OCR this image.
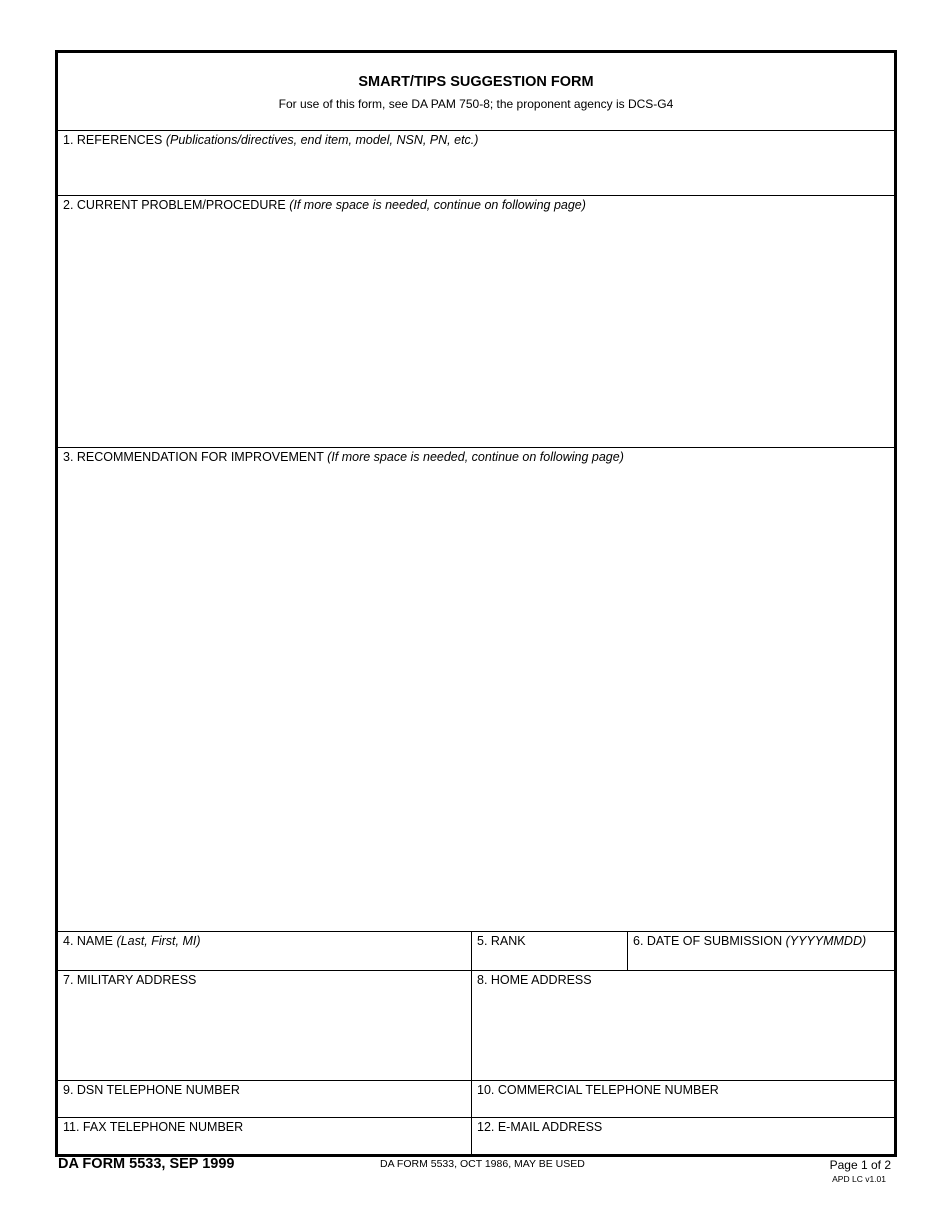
SMART/TIPS SUGGESTION FORM
For use of this form, see DA PAM 750-8; the proponent agency is DCS-G4
1. REFERENCES (Publications/directives, end item, model, NSN, PN, etc.)
2. CURRENT PROBLEM/PROCEDURE (If more space is needed, continue on following page)
3. RECOMMENDATION FOR IMPROVEMENT (If more space is needed, continue on following page)
4. NAME (Last, First, MI)	5. RANK	6. DATE OF SUBMISSION (YYYYMMDD)
7. MILITARY ADDRESS	8. HOME ADDRESS
9. DSN TELEPHONE NUMBER	10. COMMERCIAL TELEPHONE NUMBER
11. FAX TELEPHONE NUMBER	12. E-MAIL ADDRESS
DA FORM 5533, SEP 1999	DA FORM 5533, OCT 1986, MAY BE USED	Page 1 of 2
APD LC v1.01
